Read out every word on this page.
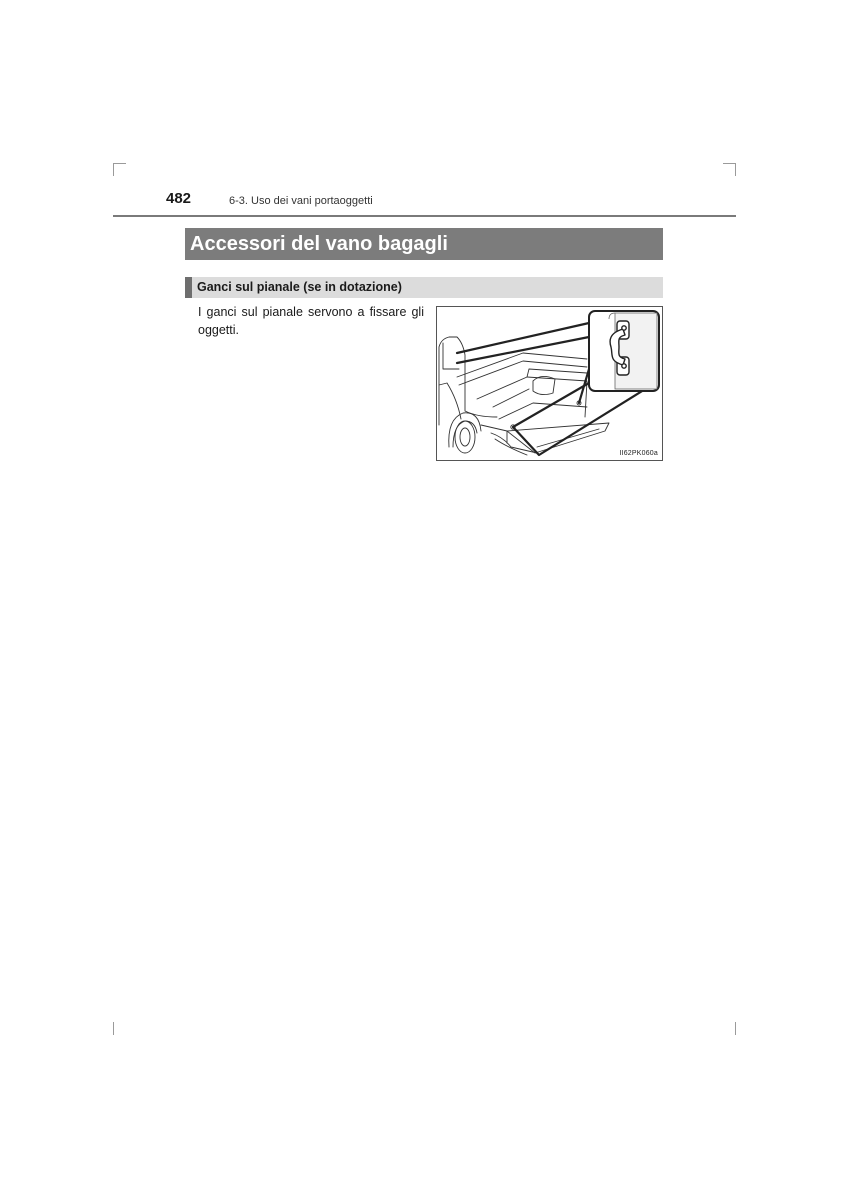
482	6-3. Uso dei vani portaoggetti
Accessori del vano bagagli
Ganci sul pianale (se in dotazione)
I ganci sul pianale servono a fissare gli oggetti.
II62PK060a
